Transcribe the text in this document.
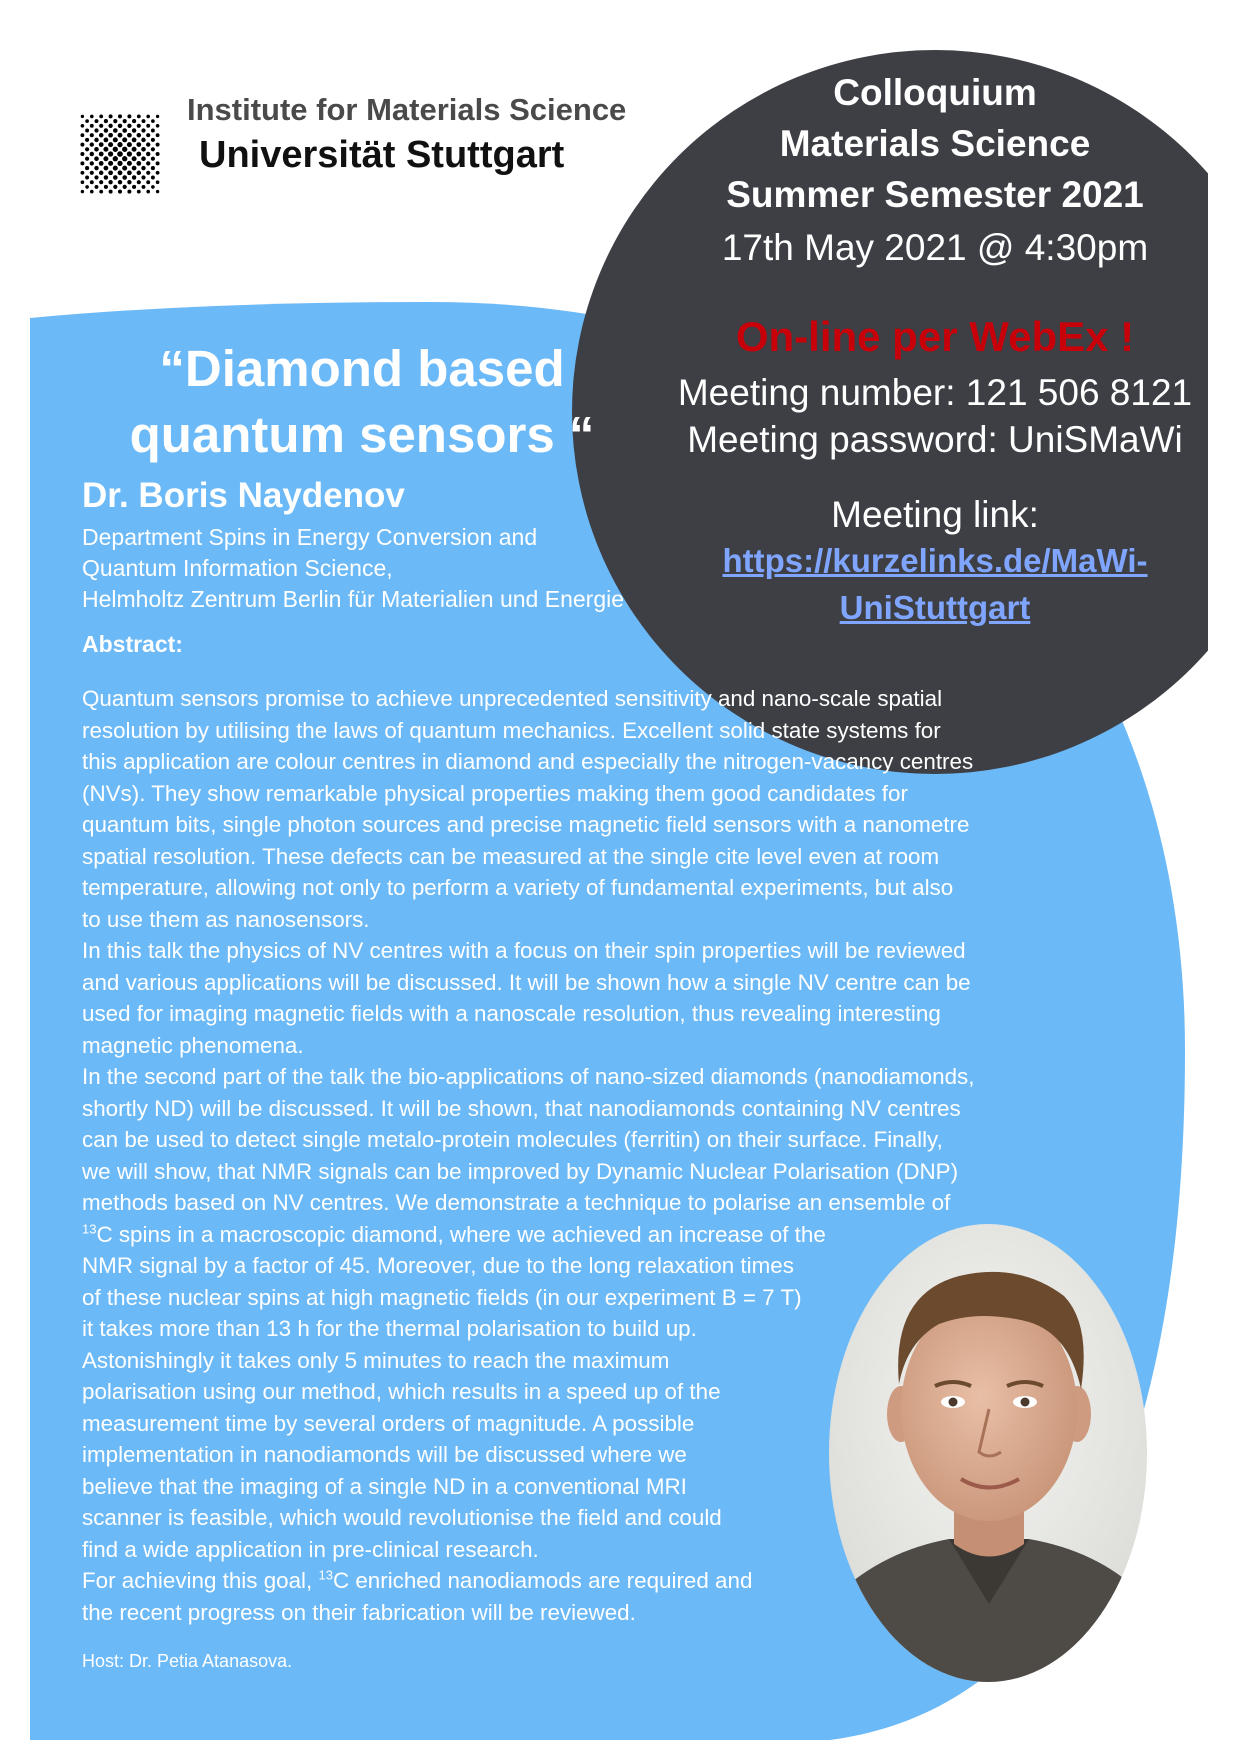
Institute for Materials Science
Universität Stuttgart
Colloquium
Materials Science
Summer Semester 2021
17th May 2021 @ 4:30pm
On-line per WebEx !
Meeting number: 121 506 8121
Meeting password: UniSMaWi
Meeting link:
https://kurzelinks.de/MaWi-
UniStuttgart
“Diamond based
quantum sensors “
Dr. Boris Naydenov
Department Spins in Energy Conversion and
Quantum Information Science,
Helmholtz Zentrum Berlin für Materialien und Energie
Abstract:
Quantum sensors promise to achieve unprecedented sensitivity and nano-scale spatial
resolution by utilising the laws of quantum mechanics. Excellent solid state systems for
this application are colour centres in diamond and especially the nitrogen-vacancy centres
(NVs). They show remarkable physical properties making them good candidates for
quantum bits, single photon sources and precise magnetic field sensors with a nanometre
spatial resolution. These defects can be measured at the single cite level even at room
temperature, allowing not only to perform a variety of fundamental experiments, but also
to use them as nanosensors.
In this talk the physics of NV centres with a focus on their spin properties will be reviewed
and various applications will be discussed. It will be shown how a single NV centre can be
used for imaging magnetic fields with a nanoscale resolution, thus revealing interesting
magnetic phenomena.
In the second part of the talk the bio-applications of nano-sized diamonds (nanodiamonds,
shortly ND) will be discussed. It will be shown, that nanodiamonds containing NV centres
can be used to detect single metalo-protein molecules (ferritin) on their surface. Finally,
we will show, that NMR signals can be improved by Dynamic Nuclear Polarisation (DNP)
methods based on NV centres. We demonstrate a technique to polarise an ensemble of
$^{13}$C spins in a macroscopic diamond, where we achieved an increase of the
NMR signal by a factor of 45. Moreover, due to the long relaxation times
of these nuclear spins at high magnetic fields (in our experiment B = 7 T)
it takes more than 13 h for the thermal polarisation to build up.
Astonishingly it takes only 5 minutes to reach the maximum
polarisation using our method, which results in a speed up of the
measurement time by several orders of magnitude. A possible
implementation in nanodiamonds will be discussed where we
believe that the imaging of a single ND in a conventional MRI
scanner is feasible, which would revolutionise the field and could
find a wide application in pre-clinical research.
For achieving this goal, $^{13}$C enriched nanodiamods are required and
the recent progress on their fabrication will be reviewed.
Host: Dr. Petia Atanasova.
